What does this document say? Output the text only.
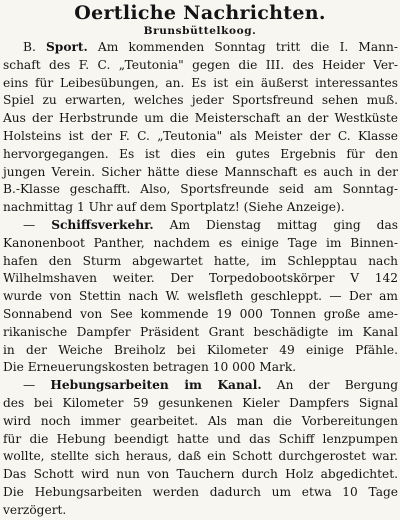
Oertliche Nachrichten.
Brunsbüttelkoog.
B. Sport. Am kommenden Sonntag tritt die I. Mann-
schaft des F. C. „Teutonia" gegen die III. des Heider Ver-
eins für Leibesübungen, an. Es ist ein äußerst interessantes
Spiel zu erwarten, welches jeder Sportsfreund sehen muß.
Aus der Herbstrunde um die Meisterschaft an der Westküste
Holsteins ist der F. C. „Teutonia" als Meister der C. Klasse
hervorgegangen. Es ist dies ein gutes Ergebnis für den
jungen Verein. Sicher hätte diese Mannschaft es auch in der
B.-Klasse geschafft. Also, Sportsfreunde seid am Sonntag-
nachmittag 1 Uhr auf dem Sportplatz! (Siehe Anzeige).
— Schiffsverkehr. Am Dienstag mittag ging das
Kanonenboot Panther, nachdem es einige Tage im Binnen-
hafen den Sturm abgewartet hatte, im Schlepptau nach
Wilhelmshaven weiter. Der Torpedobootskörper V 142
wurde von Stettin nach W. welsfleth geschleppt. — Der am
Sonnabend von See kommende 19 000 Tonnen große ame-
rikanische Dampfer Präsident Grant beschädigte im Kanal
in der Weiche Breiholz bei Kilometer 49 einige Pfähle.
Die Erneuerungskosten betragen 10 000 Mark.
— Hebungsarbeiten im Kanal. An der Bergung
des bei Kilometer 59 gesunkenen Kieler Dampfers Signal
wird noch immer gearbeitet. Als man die Vorbereitungen
für die Hebung beendigt hatte und das Schiff lenzpumpen
wollte, stellte sich heraus, daß ein Schott durchgerostet war.
Das Schott wird nun von Tauchern durch Holz abgedichtet.
Die Hebungsarbeiten werden dadurch um etwa 10 Tage
verzögert.
